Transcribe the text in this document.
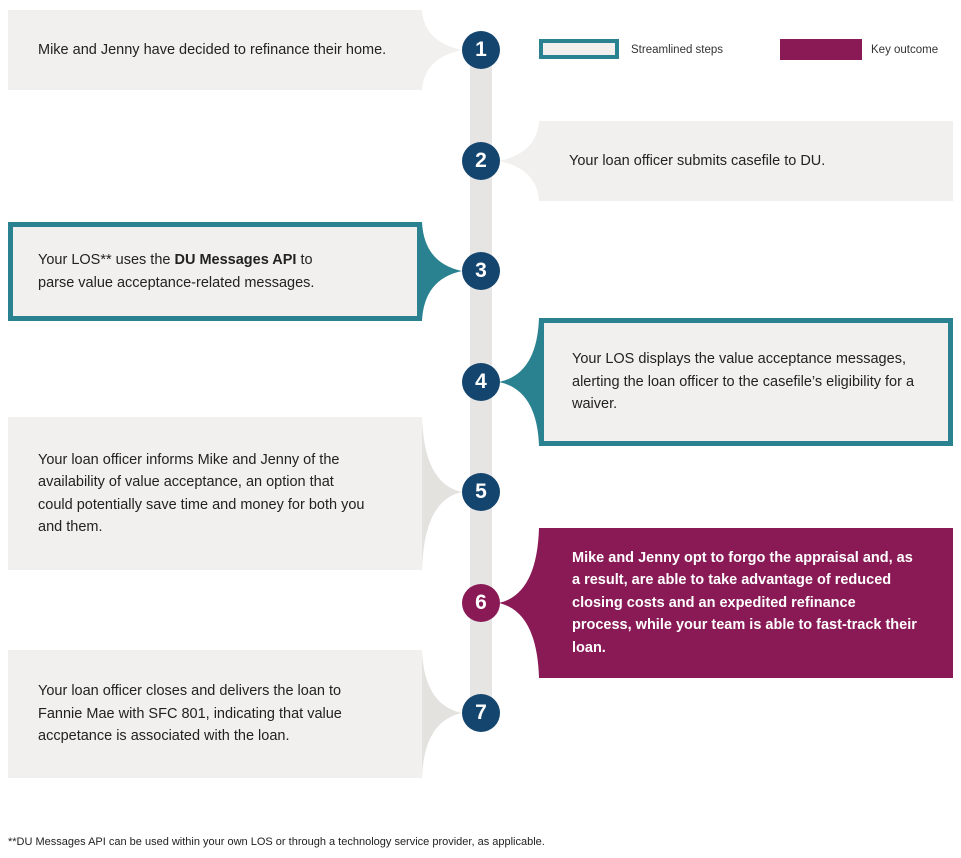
Streamlined steps	Key outcome
Mike and Jenny have decided to refinance their home.	1
Your loan officer submits casefile to DU.
2
Your LOS** uses the DU Messages API to parse value acceptance-related messages.
3
Your LOS displays the value acceptance messages, alerting the loan officer to the casefile’s eligibility for a waiver.
4
Your loan officer informs Mike and Jenny of the availability of value acceptance, an option that could potentially save time and money for both you and them.
5
Mike and Jenny opt to forgo the appraisal and, as a result, are able to take advantage of reduced closing costs and an expedited refinance process, while your team is able to fast-track their loan.
6
Your loan officer closes and delivers the loan to Fannie Mae with SFC 801, indicating that value accpetance is associated with the loan.
7
**DU Messages API can be used within your own LOS or through a technology service provider, as applicable.
